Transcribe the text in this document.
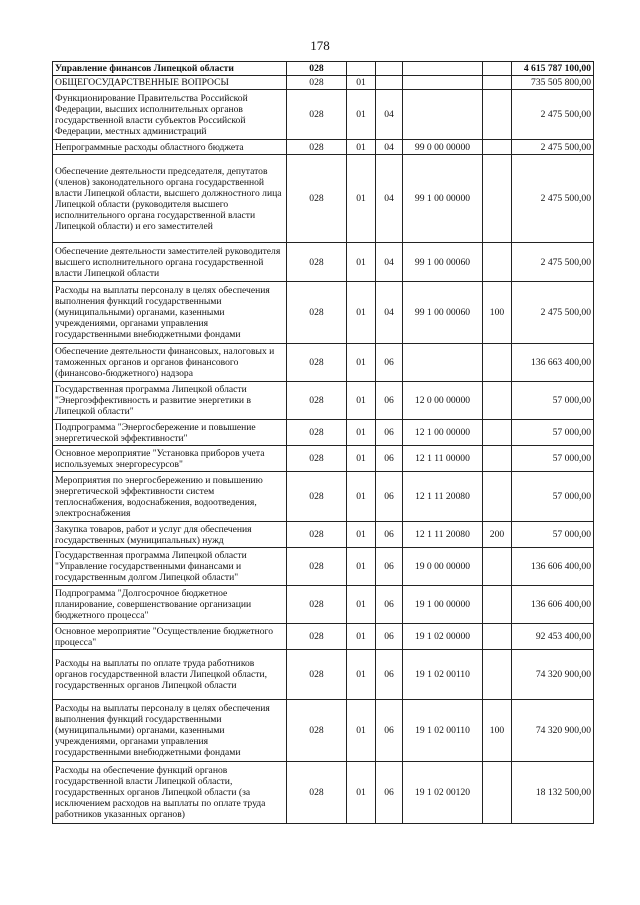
178
Управление финансов Липецкой области	028					4 615 787 100,00
ОБЩЕГОСУДАРСТВЕННЫЕ ВОПРОСЫ	028	01				735 505 800,00
Функционирование Правительства Российской Федерации, высших исполнительных органов государственной власти субъектов Российской Федерации, местных администраций	028	01	04			2 475 500,00
Непрограммные расходы областного бюджета	028	01	04	99 0 00 00000		2 475 500,00
Обеспечение деятельности председателя, депутатов (членов) законодательного органа государственной власти Липецкой области, высшего должностного лица Липецкой области (руководителя высшего исполнительного органа государственной власти Липецкой области) и его заместителей	028	01	04	99 1 00 00000		2 475 500,00
Обеспечение деятельности заместителей руководителя высшего исполнительного органа государственной власти Липецкой области	028	01	04	99 1 00 00060		2 475 500,00
Расходы на выплаты персоналу в целях обеспечения выполнения функций государственными (муниципальными) органами, казенными учреждениями, органами управления государственными внебюджетными фондами	028	01	04	99 1 00 00060	100	2 475 500,00
Обеспечение деятельности финансовых, налоговых и таможенных органов и органов финансового (финансово-бюджетного) надзора	028	01	06			136 663 400,00
Государственная программа Липецкой области "Энергоэффективность и развитие энергетики в Липецкой области"	028	01	06	12 0 00 00000		57 000,00
Подпрограмма "Энергосбережение и повышение энергетической эффективности"	028	01	06	12 1 00 00000		57 000,00
Основное мероприятие "Установка приборов учета используемых энергоресурсов"	028	01	06	12 1 11 00000		57 000,00
Мероприятия по энергосбережению и повышению энергетической эффективности систем теплоснабжения, водоснабжения, водоотведения, электроснабжения	028	01	06	12 1 11 20080		57 000,00
Закупка товаров, работ и услуг для обеспечения государственных (муниципальных) нужд	028	01	06	12 1 11 20080	200	57 000,00
Государственная программа Липецкой области "Управление государственными финансами и государственным долгом Липецкой области"	028	01	06	19 0 00 00000		136 606 400,00
Подпрограмма "Долгосрочное бюджетное планирование, совершенствование организации бюджетного процесса"	028	01	06	19 1 00 00000		136 606 400,00
Основное мероприятие "Осуществление бюджетного процесса"	028	01	06	19 1 02 00000		92 453 400,00
Расходы на выплаты по оплате труда работников органов государственной власти Липецкой области, государственных органов Липецкой области	028	01	06	19 1 02 00110		74 320 900,00
Расходы на выплаты персоналу в целях обеспечения выполнения функций государственными (муниципальными) органами, казенными учреждениями, органами управления государственными внебюджетными фондами	028	01	06	19 1 02 00110	100	74 320 900,00
Расходы на обеспечение функций органов государственной власти Липецкой области, государственных органов Липецкой области (за исключением расходов на выплаты по оплате труда работников указанных органов)	028	01	06	19 1 02 00120		18 132 500,00
